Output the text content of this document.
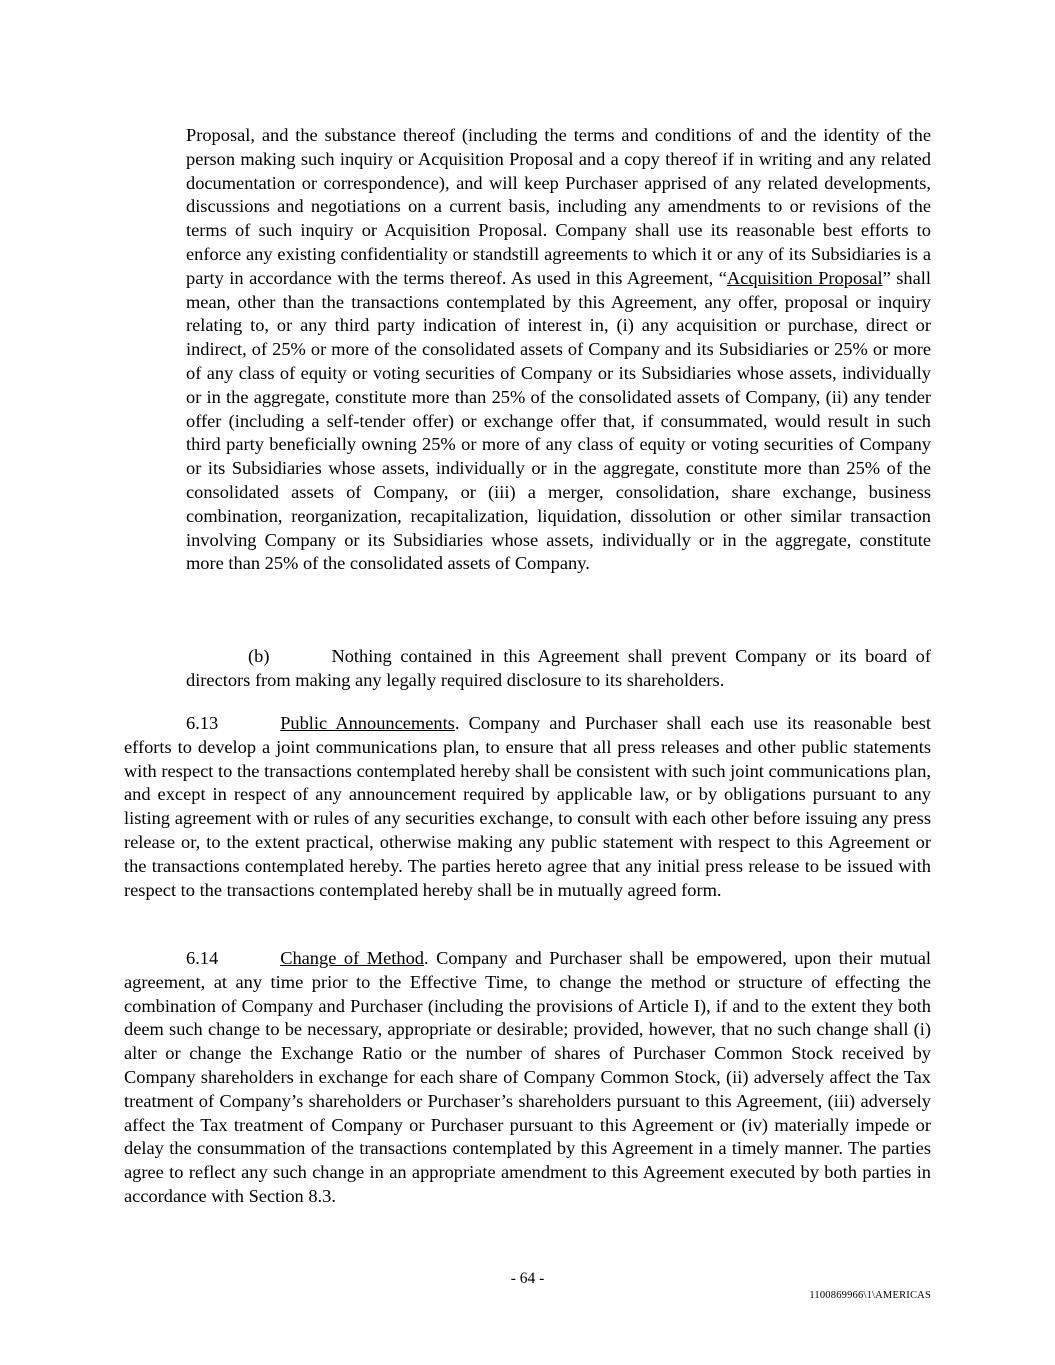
Proposal, and the substance thereof (including the terms and conditions of and the identity of the person making such inquiry or Acquisition Proposal and a copy thereof if in writing and any related documentation or correspondence), and will keep Purchaser apprised of any related developments, discussions and negotiations on a current basis, including any amendments to or revisions of the terms of such inquiry or Acquisition Proposal. Company shall use its reasonable best efforts to enforce any existing confidentiality or standstill agreements to which it or any of its Subsidiaries is a party in accordance with the terms thereof. As used in this Agreement, “Acquisition Proposal” shall mean, other than the transactions contemplated by this Agreement, any offer, proposal or inquiry relating to, or any third party indication of interest in, (i) any acquisition or purchase, direct or indirect, of 25% or more of the consolidated assets of Company and its Subsidiaries or 25% or more of any class of equity or voting securities of Company or its Subsidiaries whose assets, individually or in the aggregate, constitute more than 25% of the consolidated assets of Company, (ii) any tender offer (including a self-tender offer) or exchange offer that, if consummated, would result in such third party beneficially owning 25% or more of any class of equity or voting securities of Company or its Subsidiaries whose assets, individually or in the aggregate, constitute more than 25% of the consolidated assets of Company, or (iii) a merger, consolidation, share exchange, business combination, reorganization, recapitalization, liquidation, dissolution or other similar transaction involving Company or its Subsidiaries whose assets, individually or in the aggregate, constitute more than 25% of the consolidated assets of Company.

(b)	Nothing contained in this Agreement shall prevent Company or its board of directors from making any legally required disclosure to its shareholders.

6.13	Public Announcements. Company and Purchaser shall each use its reasonable best efforts to develop a joint communications plan, to ensure that all press releases and other public statements with respect to the transactions contemplated hereby shall be consistent with such joint communications plan, and except in respect of any announcement required by applicable law, or by obligations pursuant to any listing agreement with or rules of any securities exchange, to consult with each other before issuing any press release or, to the extent practical, otherwise making any public statement with respect to this Agreement or the transactions contemplated hereby. The parties hereto agree that any initial press release to be issued with respect to the transactions contemplated hereby shall be in mutually agreed form.

6.14	Change of Method. Company and Purchaser shall be empowered, upon their mutual agreement, at any time prior to the Effective Time, to change the method or structure of effecting the combination of Company and Purchaser (including the provisions of Article I), if and to the extent they both deem such change to be necessary, appropriate or desirable; provided, however, that no such change shall (i) alter or change the Exchange Ratio or the number of shares of Purchaser Common Stock received by Company shareholders in exchange for each share of Company Common Stock, (ii) adversely affect the Tax treatment of Company’s shareholders or Purchaser’s shareholders pursuant to this Agreement, (iii) adversely affect the Tax treatment of Company or Purchaser pursuant to this Agreement or (iv) materially impede or delay the consummation of the transactions contemplated by this Agreement in a timely manner. The parties agree to reflect any such change in an appropriate amendment to this Agreement executed by both parties in accordance with Section 8.3.

- 64 -
1100869966\1\AMERICAS
